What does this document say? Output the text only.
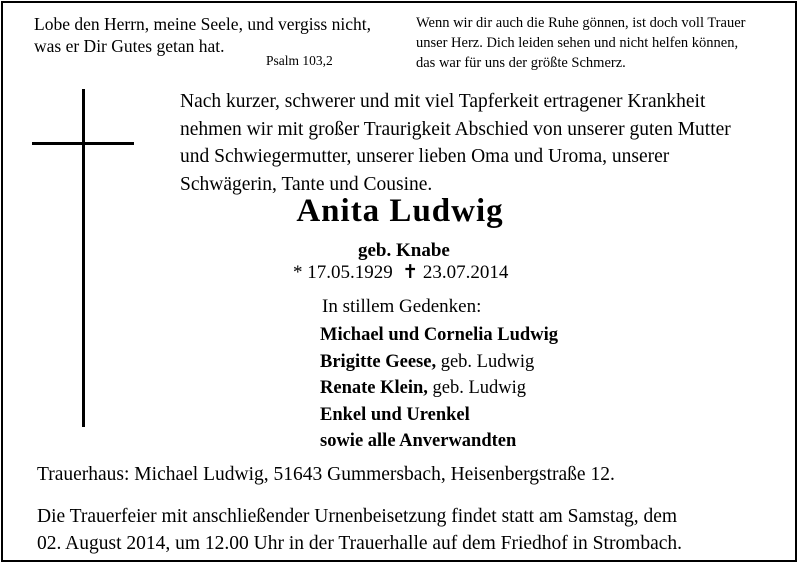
Lobe den Herrn, meine Seele, und vergiss nicht,
was er Dir Gutes getan hat.
Psalm 103,2
Wenn wir dir auch die Ruhe gönnen, ist doch voll Trauer
unser Herz. Dich leiden sehen und nicht helfen können,
das war für uns der größte Schmerz.
Nach kurzer, schwerer und mit viel Tapferkeit ertragener Krankheit
nehmen wir mit großer Traurigkeit Abschied von unserer guten Mutter
und Schwiegermutter, unserer lieben Oma und Uroma, unserer
Schwägerin, Tante und Cousine.
Anita Ludwig
geb. Knabe
* 17.05.1929  ✝ 23.07.2014
In stillem Gedenken:
Michael und Cornelia Ludwig
Brigitte Geese, geb. Ludwig
Renate Klein, geb. Ludwig
Enkel und Urenkel
sowie alle Anverwandten
Trauerhaus: Michael Ludwig, 51643 Gummersbach, Heisenbergstraße 12.
Die Trauerfeier mit anschließender Urnenbeisetzung findet statt am Samstag, dem
02. August 2014, um 12.00 Uhr in der Trauerhalle auf dem Friedhof in Strombach.
